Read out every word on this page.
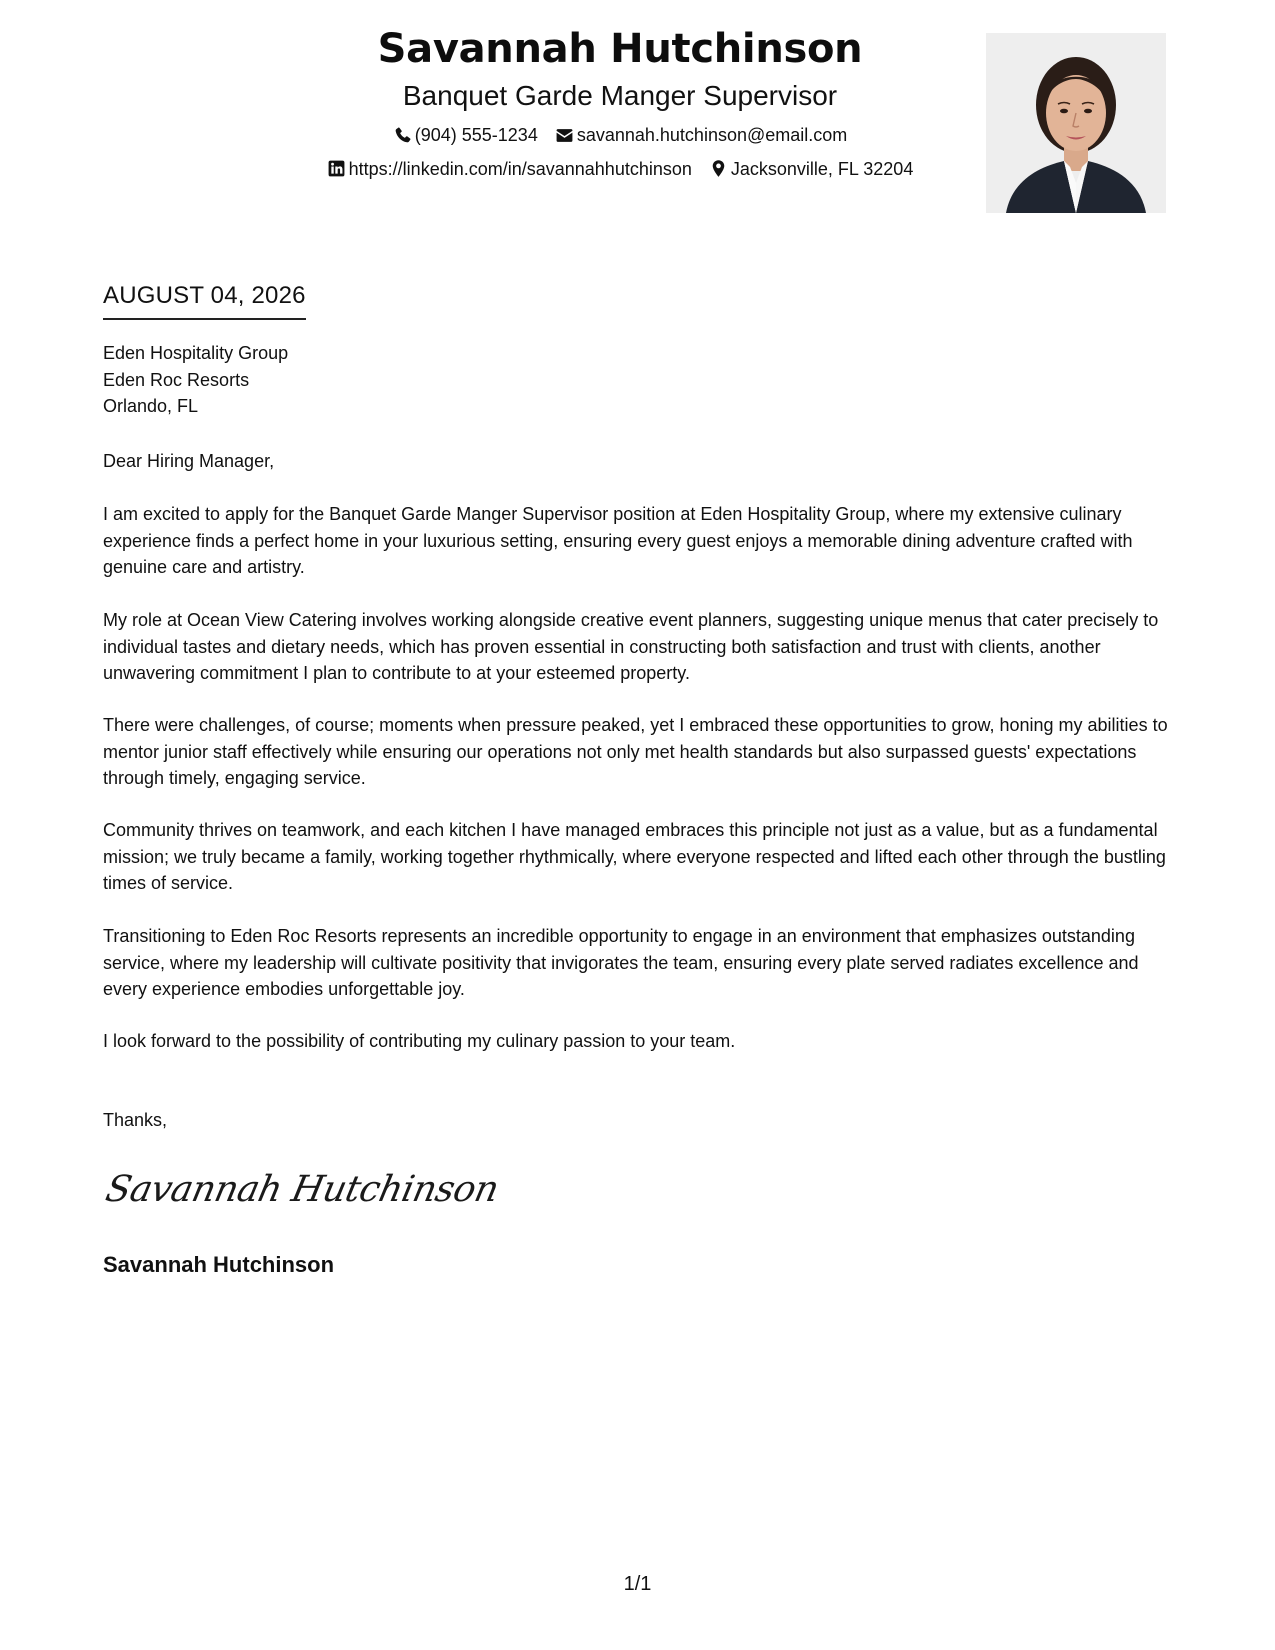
Savannah Hutchinson
Banquet Garde Manger Supervisor
(904) 555-1234
savannah.hutchinson@email.com
https://linkedin.com/in/savannahhutchinson
Jacksonville, FL 32204
AUGUST 04, 2026
Eden Hospitality Group
Eden Roc Resorts
Orlando, FL
Dear Hiring Manager,
I am excited to apply for the Banquet Garde Manger Supervisor position at Eden Hospitality Group, where my extensive culinary experience finds a perfect home in your luxurious setting, ensuring every guest enjoys a memorable dining adventure crafted with genuine care and artistry.
My role at Ocean View Catering involves working alongside creative event planners, suggesting unique menus that cater precisely to individual tastes and dietary needs, which has proven essential in constructing both satisfaction and trust with clients, another unwavering commitment I plan to contribute to at your esteemed property.
There were challenges, of course; moments when pressure peaked, yet I embraced these opportunities to grow, honing my abilities to mentor junior staff effectively while ensuring our operations not only met health standards but also surpassed guests' expectations through timely, engaging service.
Community thrives on teamwork, and each kitchen I have managed embraces this principle not just as a value, but as a fundamental mission; we truly became a family, working together rhythmically, where everyone respected and lifted each other through the bustling times of service.
Transitioning to Eden Roc Resorts represents an incredible opportunity to engage in an environment that emphasizes outstanding service, where my leadership will cultivate positivity that invigorates the team, ensuring every plate served radiates excellence and every experience embodies unforgettable joy.
I look forward to the possibility of contributing my culinary passion to your team.
Thanks,
Savannah Hutchinson
Savannah Hutchinson
1/1
